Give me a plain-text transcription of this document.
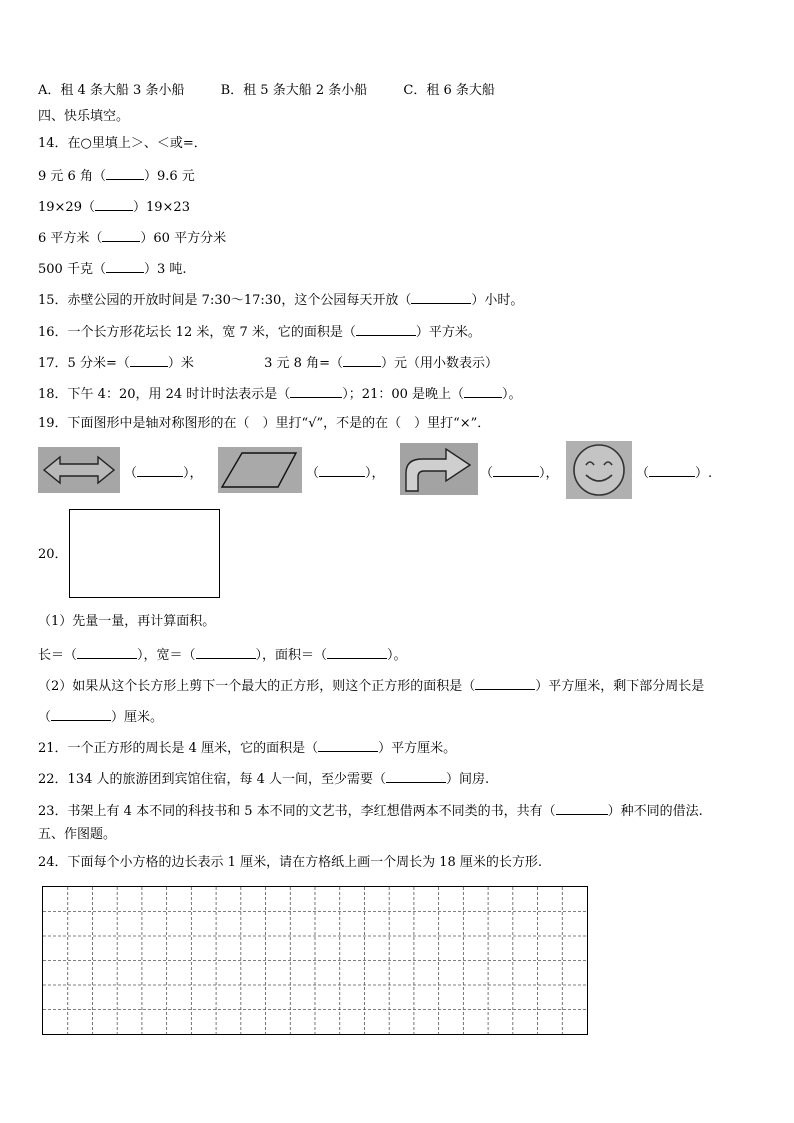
A．租 4 条大船 3 条小船	B．租 5 条大船 2 条小船	C．租 6 条大船
四、快乐填空。
14．在○里填上＞、＜或=．
9 元 6 角（	）9.6 元
19×29（	）19×23
6 平方米（	）60 平方分米
500 千克（	）3 吨.
15．赤壁公园的开放时间是 7:30～17:30，这个公园每天开放（	）小时。
16．一个长方形花坛长 12 米，宽 7 米，它的面积是（	）平方米。
17．5 分米=（	）米	3 元 8 角=（	）元（用小数表示）
18．下午 4：20，用 24 时计时法表示是（	）；21：00 是晚上（	）。
19．下面图形中是轴对称图形的在（　）里打“√”，不是的在（　）里打“×”．
（	），	（	），	（	），	（	）.
20．
（1）先量一量，再计算面积。
长＝（	），宽＝（	），面积＝（	）。
（2）如果从这个长方形上剪下一个最大的正方形，则这个正方形的面积是（	）平方厘米，剩下部分周长是
（	）厘米。
21．一个正方形的周长是 4 厘米，它的面积是（	）平方厘米。
22．134 人的旅游团到宾馆住宿，每 4 人一间，至少需要（	）间房.
23．书架上有 4 本不同的科技书和 5 本不同的文艺书，李红想借两本不同类的书，共有（	）种不同的借法.
五、作图题。
24．下面每个小方格的边长表示 1 厘米，请在方格纸上画一个周长为 18 厘米的长方形.
